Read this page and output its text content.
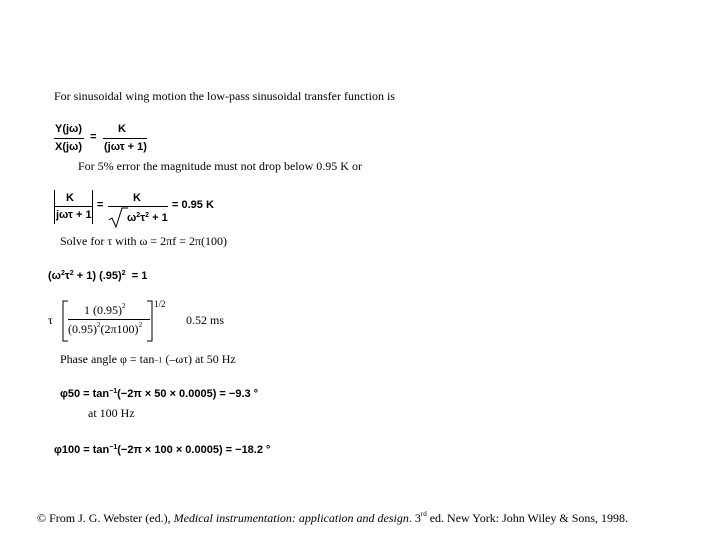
For sinusoidal wing motion the low-pass sinusoidal transfer function is
Y(jω)
X(jω)
=
K
(jωτ + 1)
For 5% error the magnitude must not drop below 0.95 K or
K
jωτ + 1
=
K
$\omega^2\tau^2 + 1$
= 0.95 K
Solve for τ with ω = 2πf = 2π(100)
$(\omega^2\tau^2 + 1) (.95)^2 = 1$
τ
1/2
1 $(0.95)^2$
$(0.95)^2(2\pi 100)^2$	0.52 ms
Phase angle φ = tan–1 (–ωτ) at 50 Hz
$\varphi 50 = \tan^{-1}(-2\pi \times 50 \times 0.0005) = -9.3$ °
at 100 Hz
$\varphi 100 = \tan^{-1}(-2\pi \times 100 \times 0.0005) = -18.2$ °
© From J. G. Webster (ed.), Medical instrumentation: application and design. 3rd ed. New York: John Wiley & Sons, 1998.
